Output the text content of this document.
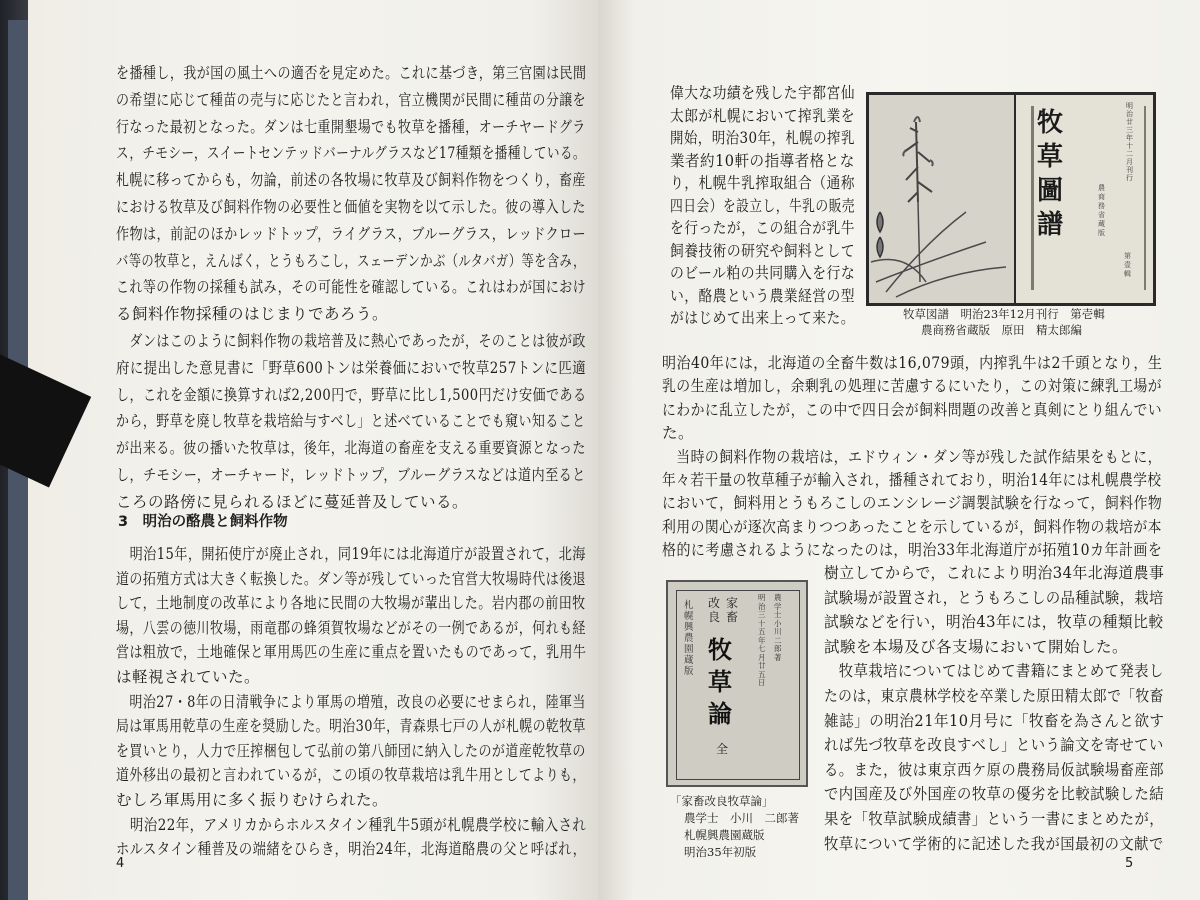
を播種し，我が国の風土への適否を見定めた。これに基づき，第三官園は民間
の希望に応じて種苗の売与に応じたと言われ，官立機関が民間に種苗の分譲を
行なった最初となった。ダンは七重開墾場でも牧草を播種，オーチヤードグラ
ス，チモシー，スイートセンテッドバーナルグラスなど17種類を播種している。
札幌に移ってからも，勿論，前述の各牧場に牧草及び飼料作物をつくり，畜産
における牧草及び飼料作物の必要性と価値を実物を以て示した。彼の導入した
作物は，前記のほかレッドトップ，ライグラス，ブルーグラス，レッドクロー
バ等の牧草と，えんばく，とうもろこし，スェーデンかぶ（ルタバガ）等を含み，
これ等の作物の採種も試み，その可能性を確認している。これはわが国におけ
る飼料作物採種のはじまりであろう。
　ダンはこのように飼料作物の栽培普及に熱心であったが，そのことは彼が政
府に提出した意見書に「野草600トンは栄養価においで牧草257トンに匹適
し，これを金額に換算すれば2,200円で，野草に比し1,500円だけ安価である
から，野草を廃し牧草を栽培給与すべし」と述べていることでも窺い知ること
が出来る。彼の播いた牧草は，後年，北海道の畜産を支える重要資源となった
し，チモシー，オーチャード，レッドトップ，ブルーグラスなどは道内至ると
ころの路傍に見られるほどに蔓延普及している。
3　明治の酪農と飼料作物
　明治15年，開拓使庁が廃止され，同19年には北海道庁が設置されて，北海
道の拓殖方式は大きく転換した。ダン等が残していった官営大牧場時代は後退
して，土地制度の改革により各地に民間の大牧場が輩出した。岩内郡の前田牧
場，八雲の徳川牧場，雨竜郡の蜂須賀牧場などがその一例であるが，何れも経
営は粗放で，土地確保と軍用馬匹の生産に重点を置いたものであって，乳用牛
は軽視されていた。
　明治27・8年の日清戦争により軍馬の増殖，改良の必要にせまられ，陸軍当
局は軍馬用乾草の生産を奨励した。明治30年，青森県七戸の人が札幌の乾牧草
を買いとり，人力で圧搾梱包して弘前の第八師団に納入したのが道産乾牧草の
道外移出の最初と言われているが，この頃の牧草栽培は乳牛用としてよりも，
むしろ軍馬用に多く振りむけられた。
　明治22年，アメリカからホルスタイン種乳牛5頭が札幌農学校に輸入され
ホルスタイン種普及の端緒をひらき，明治24年，北海道酪農の父と呼ばれ，
4
偉大な功績を残した宇都宮仙
太郎が札幌において搾乳業を
開始，明治30年，札幌の搾乳
業者約10軒の指導者格とな
り，札幌牛乳搾取組合（通称
四日会）を設立し，牛乳の販売
を行ったが，この組合が乳牛
飼養技術の研究や飼料として
のビール粕の共同購入を行な
い，酪農という農業経営の型
がはじめて出来上って来た。
牧草圖譜
明治廿三年十二月刊行
農商務省蔵版
第壹輯
牧草図譜　明治23年12月刊行　第壱輯
農商務省蔵版　原田　精太郎編
明治40年には，北海道の全畜牛数は16,079頭，内搾乳牛は2千頭となり，生
乳の生産は増加し，余剰乳の処理に苦慮するにいたり，この対策に練乳工場が
にわかに乱立したが，この中で四日会が飼料問題の改善と真剣にとり組んでい
た。
　当時の飼料作物の栽培は，エドウィン・ダン等が残した試作結果をもとに，
年々若干量の牧草種子が輸入され，播種されており，明治14年には札幌農学校
において，飼料用とうもろこしのエンシレージ調製試験を行なって，飼料作物
利用の関心が逐次高まりつつあったことを示しているが，飼料作物の栽培が本
格的に考慮されるようになったのは，明治33年北海道庁が拓殖10カ年計画を
札幌興農園蔵版
改良
家畜
牧草論
全
明治三十五年七月廿五日
農学士小川二郎著
「家畜改良牧草論」
農学士　小川　二郎著
札幌興農園蔵版
明治35年初版
樹立してからで，これにより明治34年北海道農事
試験場が設置され，とうもろこしの品種試験，栽培
試験などを行い，明治43年には，牧草の種類比較
試験を本場及び各支場において開始した。
　牧草栽培についてはじめて書籍にまとめて発表し
たのは，東京農林学校を卒業した原田精太郎で「牧畜
雑誌」の明治21年10月号に「牧畜を為さんと欲す
れば先づ牧草を改良すべし」という論文を寄せてい
る。また，彼は東京西ケ原の農務局仮試験場畜産部
で内国産及び外国産の牧草の優劣を比較試験した結
果を「牧草試験成績書」という一書にまとめたが，
牧草について学術的に記述した我が国最初の文献で
5
